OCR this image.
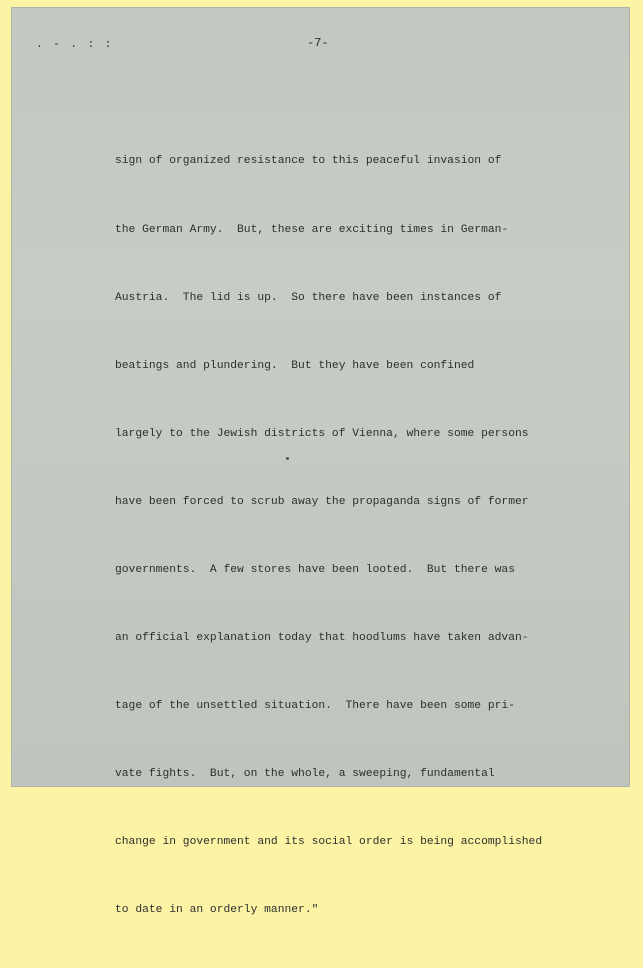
. - . : :	-7-

sign of organized resistance to this peaceful invasion of

the German Army.  But, these are exciting times in German-

Austria.  The lid is up.  So there have been instances of

beatings and plundering.  But they have been confined

largely to the Jewish districts of Vienna, where some persons

have been forced to scrub away the propaganda signs of former

governments.  A few stores have been looted.  But there was

an official explanation today that hoodlums have taken advan-

tage of the unsettled situation.  There have been some pri-

vate fights.  But, on the whole, a sweeping, fundamental

change in government and its social order is being accomplished

to date in an orderly manner."
